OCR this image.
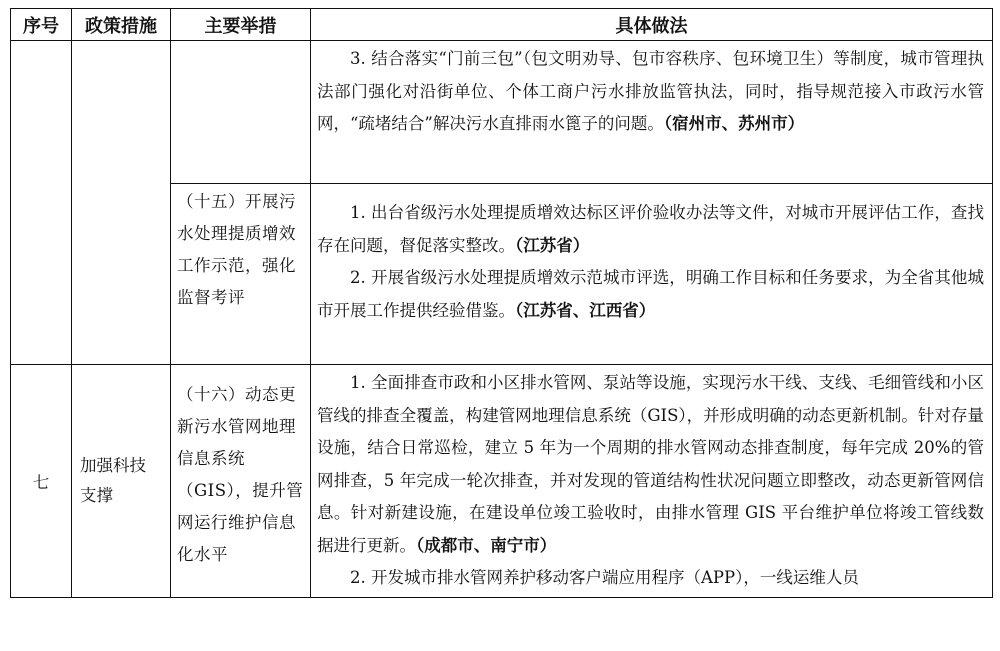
序号	政策措施	主要举措	具体做法

			3. 结合落实“门前三包”（包文明劝导、包市容秩序、包环境卫生）等制度，城市管理执法部门强化对沿街单位、个体工商户污水排放监管执法，同时，指导规范接入市政污水管网，“疏堵结合”解决污水直排雨水篦子的问题。（宿州市、苏州市）

		（十五）开展污水处理提质增效工作示范，强化监督考评	1. 出台省级污水处理提质增效达标区评价验收办法等文件，对城市开展评估工作，查找存在问题，督促落实整改。（江苏省）

2. 开展省级污水处理提质增效示范城市评选，明确工作目标和任务要求，为全省其他城市开展工作提供经验借鉴。（江苏省、江西省）

七	加强科技支撑	（十六）动态更新污水管网地理信息系统（GIS），提升管网运行维护信息化水平	1. 全面排查市政和小区排水管网、泵站等设施，实现污水干线、支线、毛细管线和小区管线的排查全覆盖，构建管网地理信息系统（GIS），并形成明确的动态更新机制。针对存量设施，结合日常巡检，建立 5 年为一个周期的排水管网动态排查制度，每年完成 20%的管网排查，5 年完成一轮次排查，并对发现的管道结构性状况问题立即整改，动态更新管网信息。针对新建设施，在建设单位竣工验收时，由排水管理 GIS 平台维护单位将竣工管线数据进行更新。（成都市、南宁市）

2. 开发城市排水管网养护移动客户端应用程序（APP），一线运维人员
